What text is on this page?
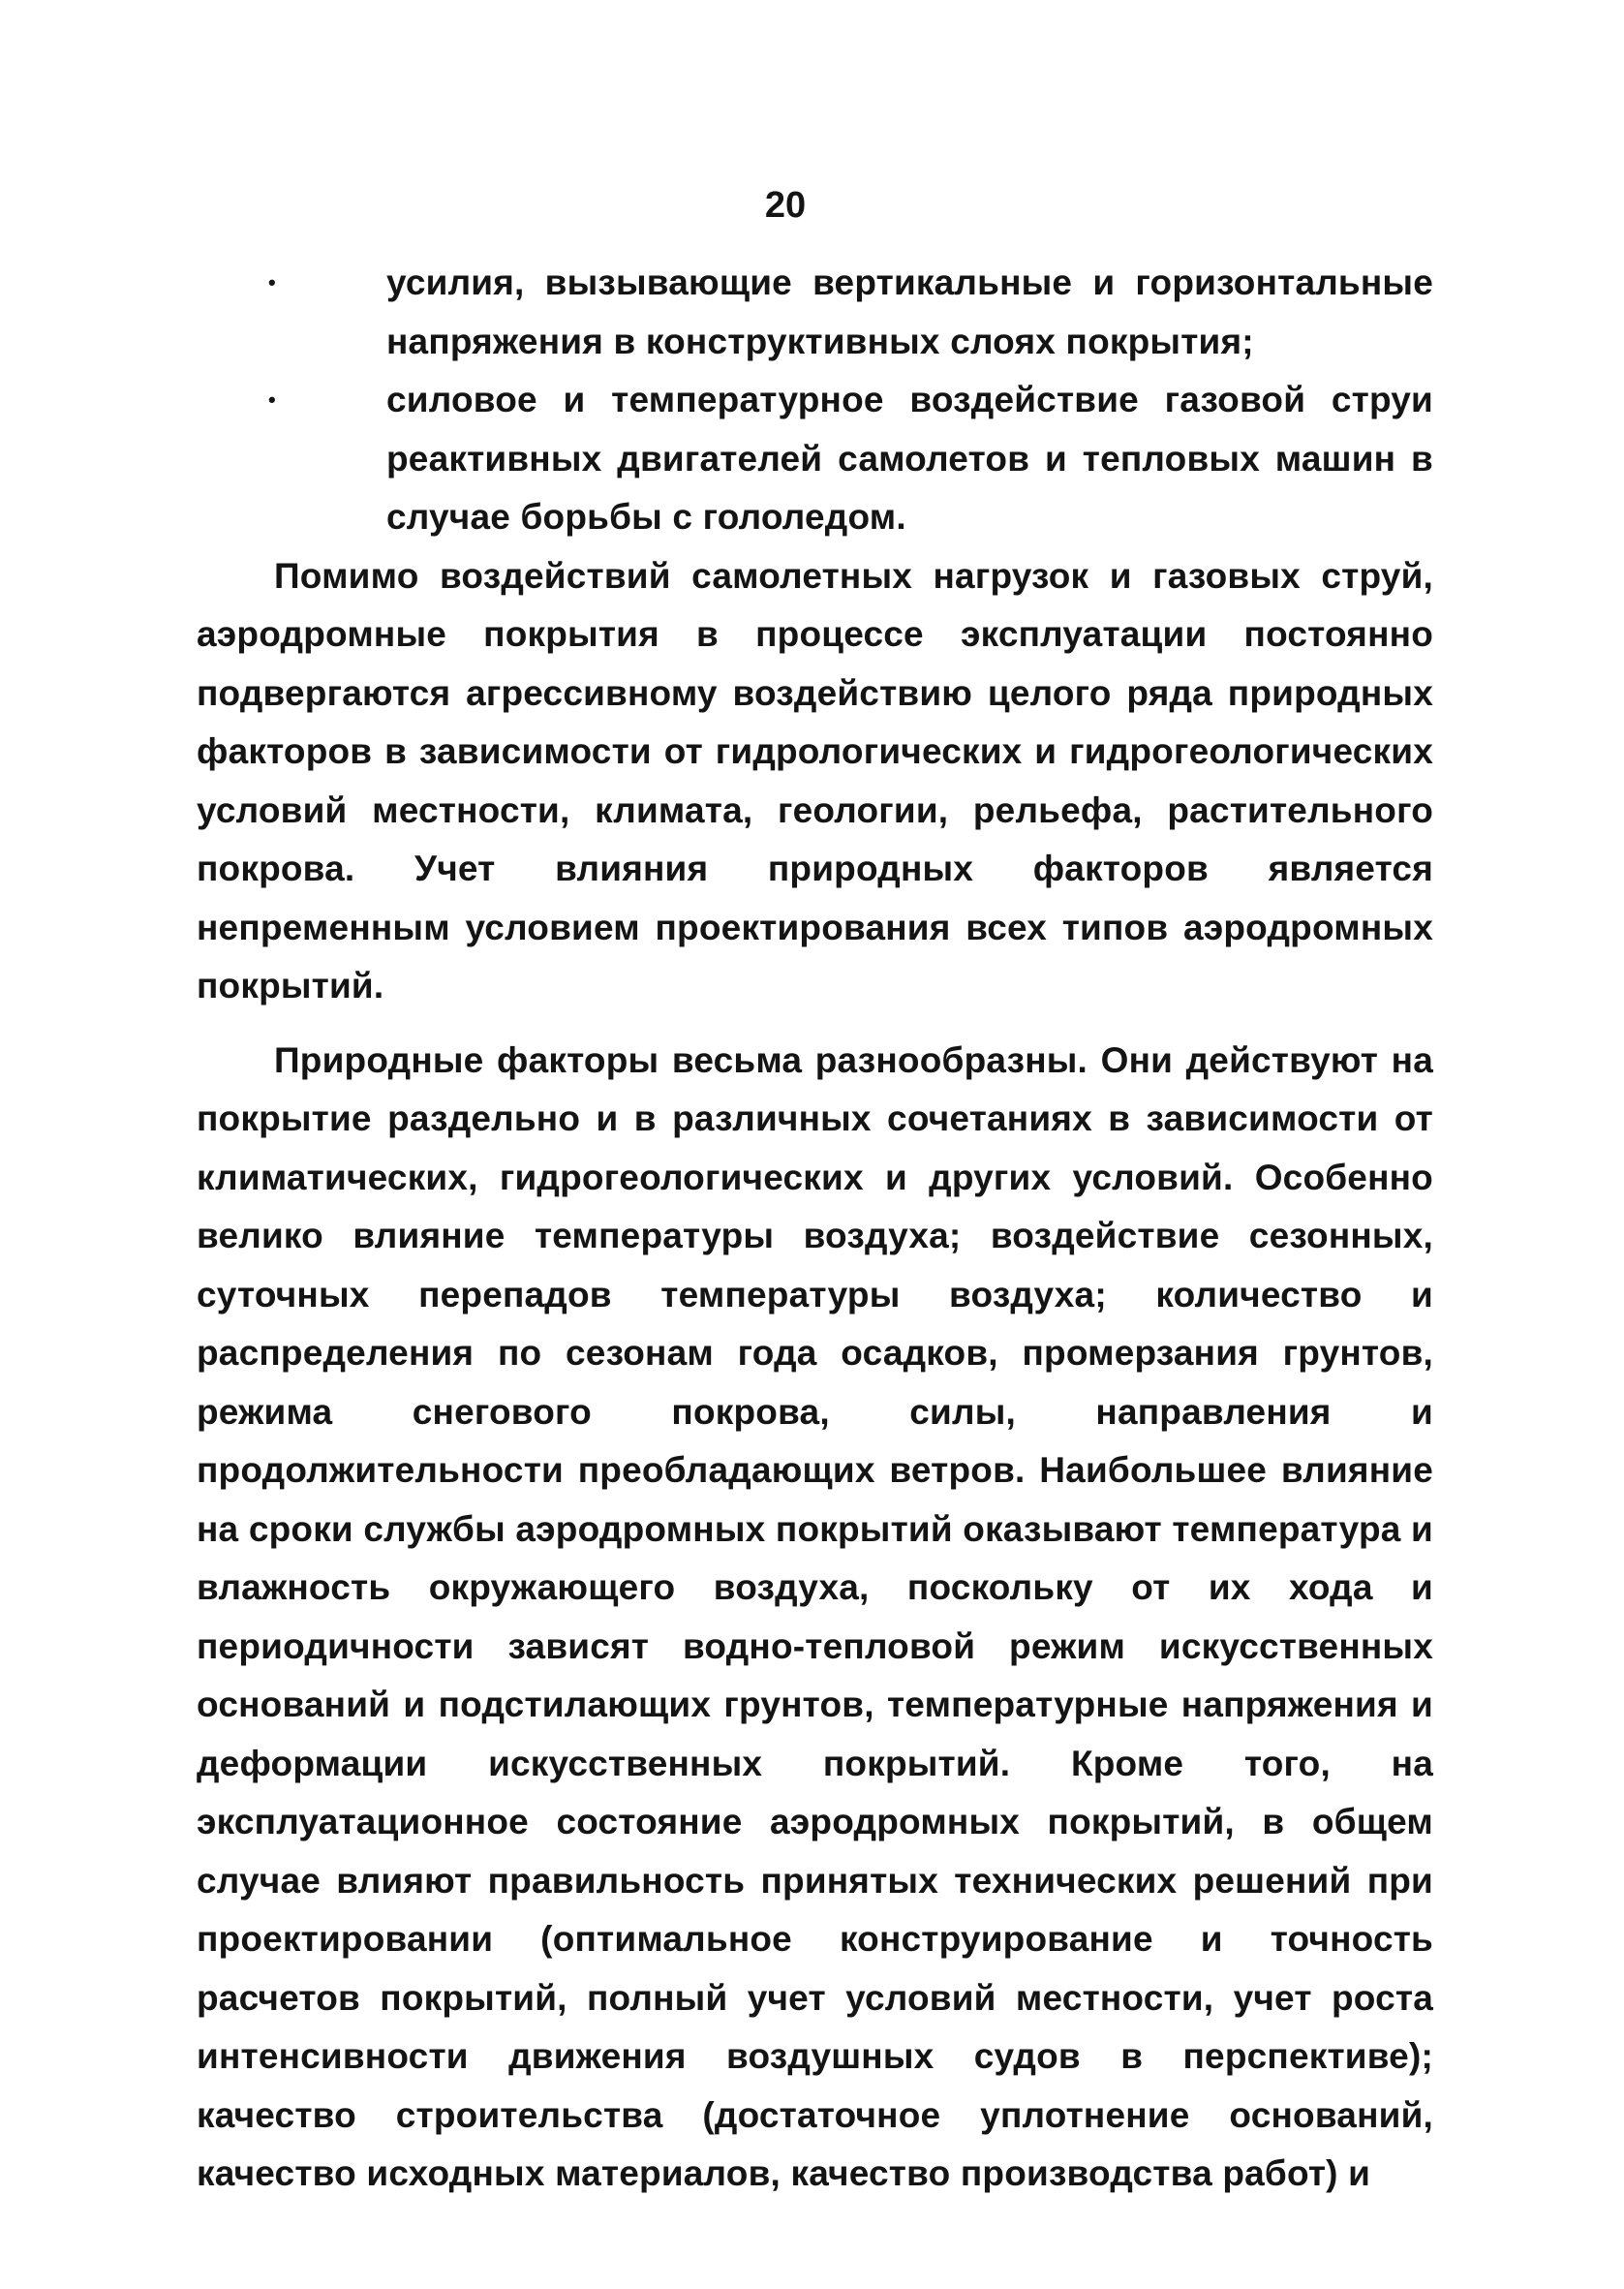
20
•	усилия, вызывающие вертикальные и горизонтальные напряжения в конструктивных слоях покрытия;
•	силовое и температурное воздействие газовой струи реактивных двигателей самолетов и тепловых машин в случае борьбы с гололедом.

Помимо воздействий самолетных нагрузок и газовых струй, аэродромные покрытия в процессе эксплуатации постоянно подвергаются агрессивному воздействию целого ряда природных факторов в зависимости от гидрологических и гидрогеологических условий местности, климата, геологии, рельефа, растительного покрова. Учет влияния природных факторов является непременным условием проектирования всех типов аэродромных покрытий.

Природные факторы весьма разнообразны. Они действуют на покрытие раздельно и в различных сочетаниях в зависимости от климатических, гидрогеологических и других условий. Особенно велико влияние температуры воздуха; воздействие сезонных, суточных перепадов температуры воздуха; количество и распределения по сезонам года осадков, промерзания грунтов, режима снегового покрова, силы, направления и продолжительности преобладающих ветров. Наибольшее влияние на сроки службы аэродромных покрытий оказывают температура и влажность окружающего воздуха, поскольку от их хода и периодичности зависят водно-тепловой режим искусственных оснований и подстилающих грунтов, температурные напряжения и деформации искусственных покрытий. Кроме того, на эксплуатационное состояние аэродромных покрытий, в общем случае влияют правильность принятых технических решений при проектировании (оптимальное конструирование и точность расчетов покрытий, полный учет условий местности, учет роста интенсивности движения воздушных судов в перспективе); качество строительства (достаточное уплотнение оснований, качество исходных материалов, качество производства работ) и
